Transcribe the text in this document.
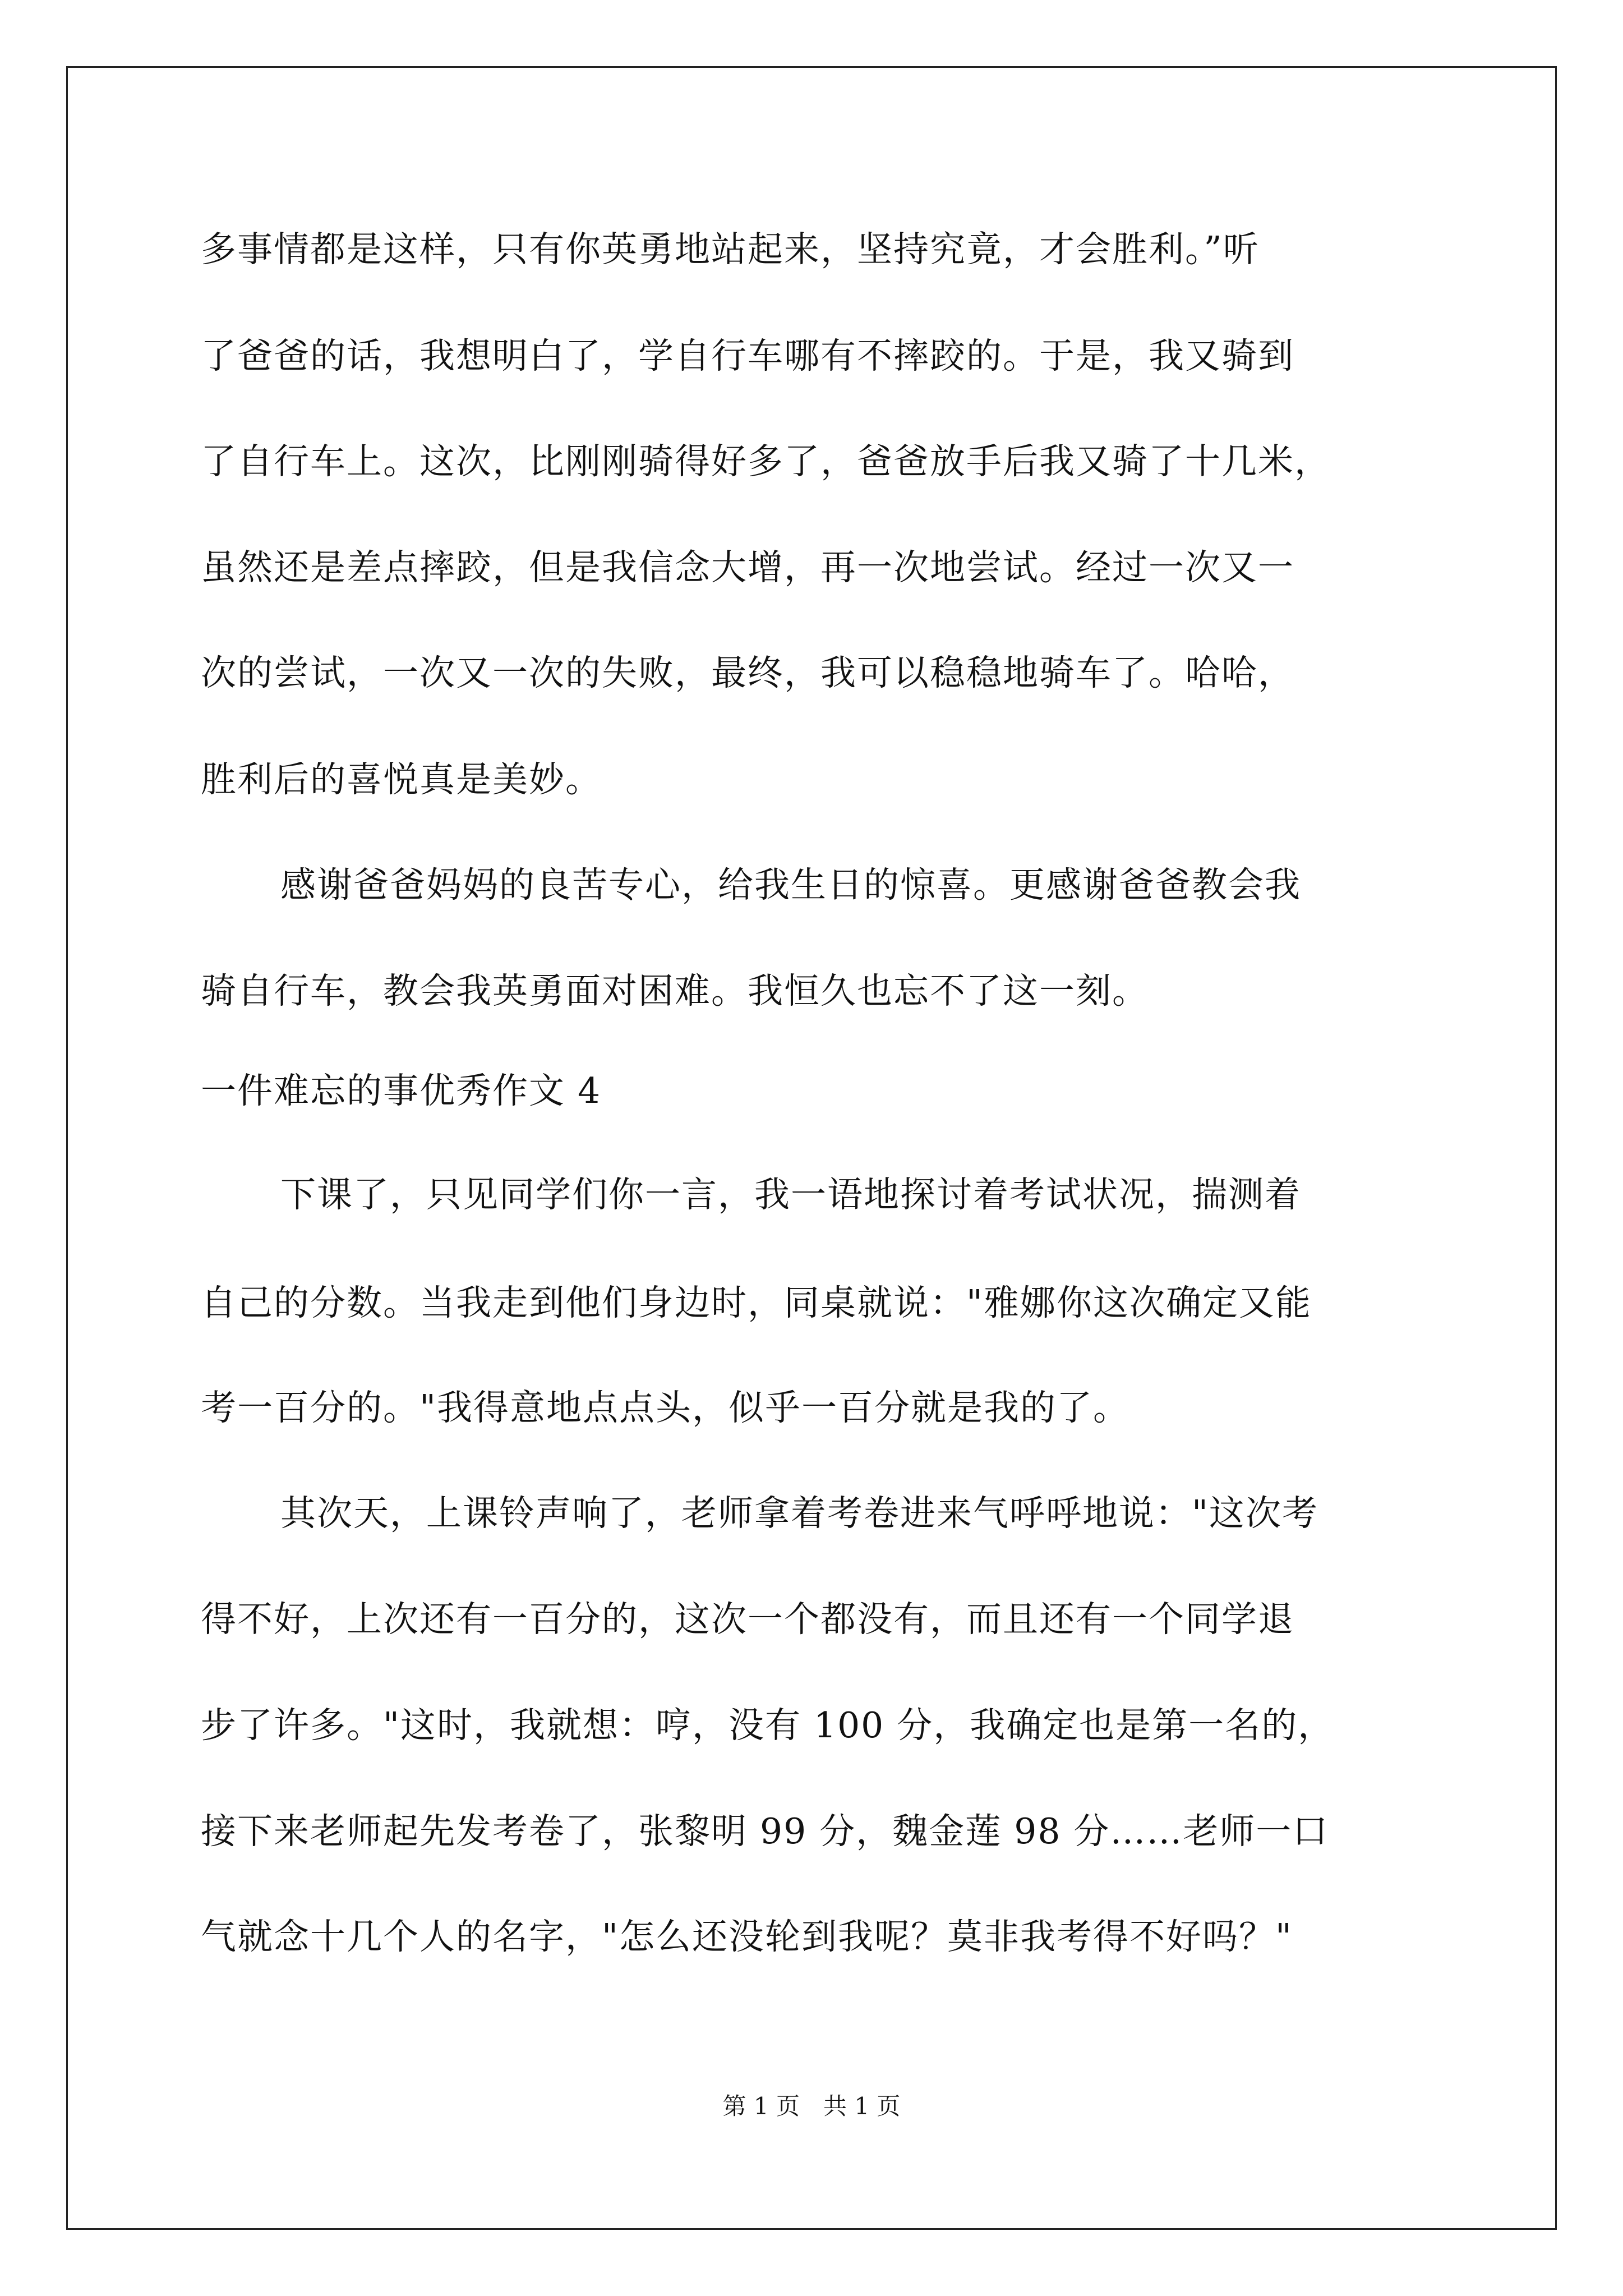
多事情都是这样，只有你英勇地站起来，坚持究竟，才会胜利。”听
了爸爸的话，我想明白了，学自行车哪有不摔跤的。于是，我又骑到
了自行车上。这次，比刚刚骑得好多了，爸爸放手后我又骑了十几米，
虽然还是差点摔跤，但是我信念大增，再一次地尝试。经过一次又一
次的尝试，一次又一次的失败，最终，我可以稳稳地骑车了。哈哈，
胜利后的喜悦真是美妙。
感谢爸爸妈妈的良苦专心，给我生日的惊喜。更感谢爸爸教会我
骑自行车，教会我英勇面对困难。我恒久也忘不了这一刻。
一件难忘的事优秀作文 4
下课了，只见同学们你一言，我一语地探讨着考试状况，揣测着
自己的分数。当我走到他们身边时，同桌就说："雅娜你这次确定又能
考一百分的。"我得意地点点头，似乎一百分就是我的了。
其次天，上课铃声响了，老师拿着考卷进来气呼呼地说："这次考
得不好，上次还有一百分的，这次一个都没有，而且还有一个同学退
步了许多。"这时，我就想：哼，没有 100 分，我确定也是第一名的，
接下来老师起先发考卷了，张黎明 99 分，魏金莲 98 分……老师一口
气就念十几个人的名字，"怎么还没轮到我呢？莫非我考得不好吗？"
第 1 页　共 1 页
